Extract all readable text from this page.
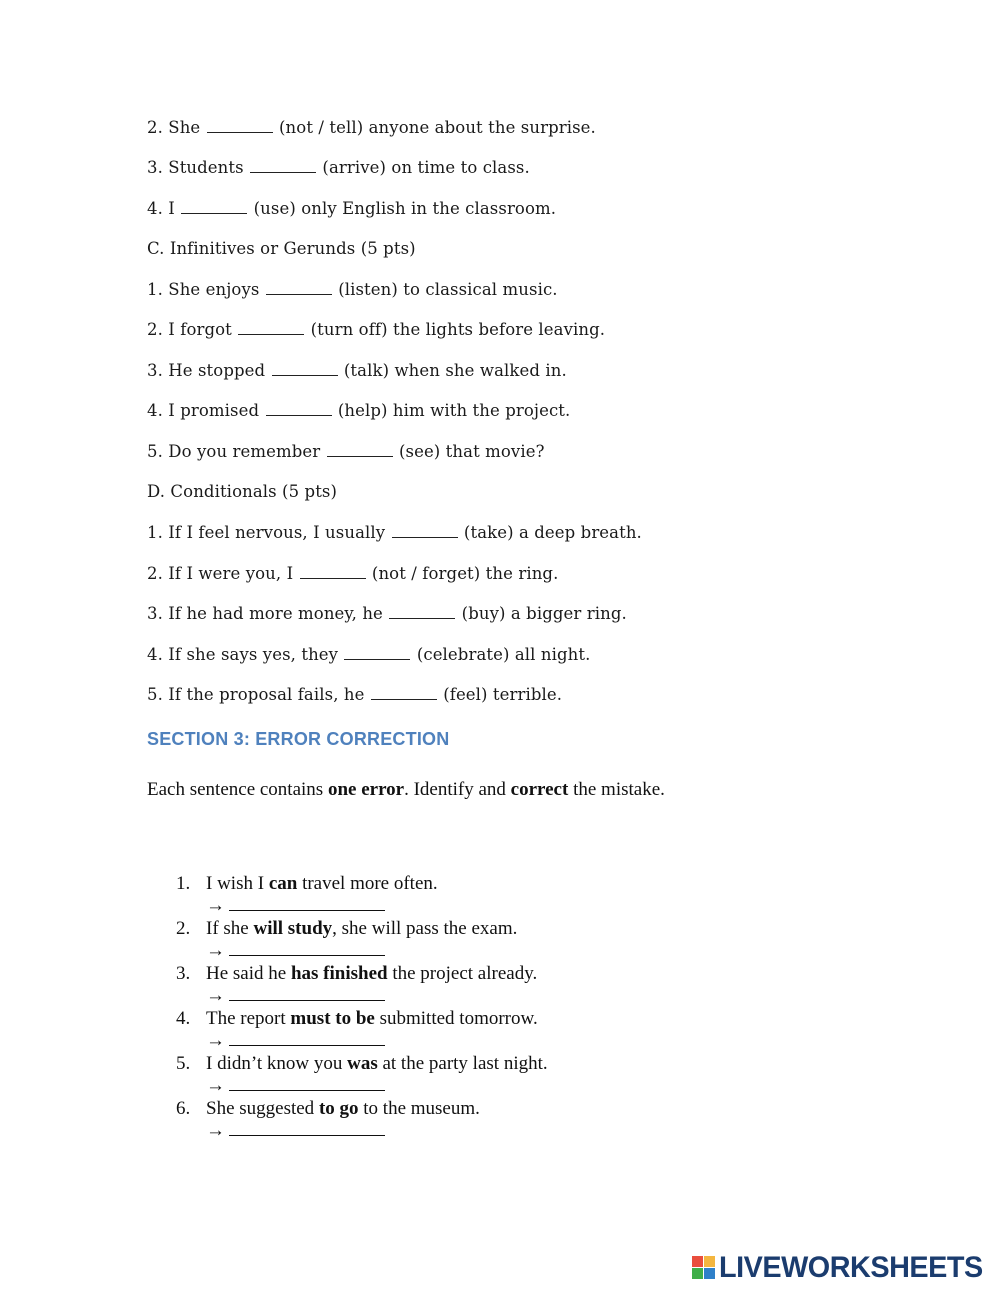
2. She	(not / tell) anyone about the surprise.
3. Students	(arrive) on time to class.
4. I	(use) only English in the classroom.
C. Infinitives or Gerunds (5 pts)
1. She enjoys	(listen) to classical music.
2. I forgot	(turn off) the lights before leaving.
3. He stopped	(talk) when she walked in.
4. I promised	(help) him with the project.
5. Do you remember	(see) that movie?
D. Conditionals (5 pts)
1. If I feel nervous, I usually	(take) a deep breath.
2. If I were you, I	(not / forget) the ring.
3. If he had more money, he	(buy) a bigger ring.
4. If she says yes, they	(celebrate) all night.
5. If the proposal fails, he	(feel) terrible.
SECTION 3: ERROR CORRECTION
Each sentence contains one error. Identify and correct the mistake.
1. I wish I can travel more often.
→
2. If she will study, she will pass the exam.
→
3. He said he has finished the project already.
→
4. The report must to be submitted tomorrow.
→
5. I didn’t know you was at the party last night.
→
6. She suggested to go to the museum.
→
LIVEWORKSHEETS
